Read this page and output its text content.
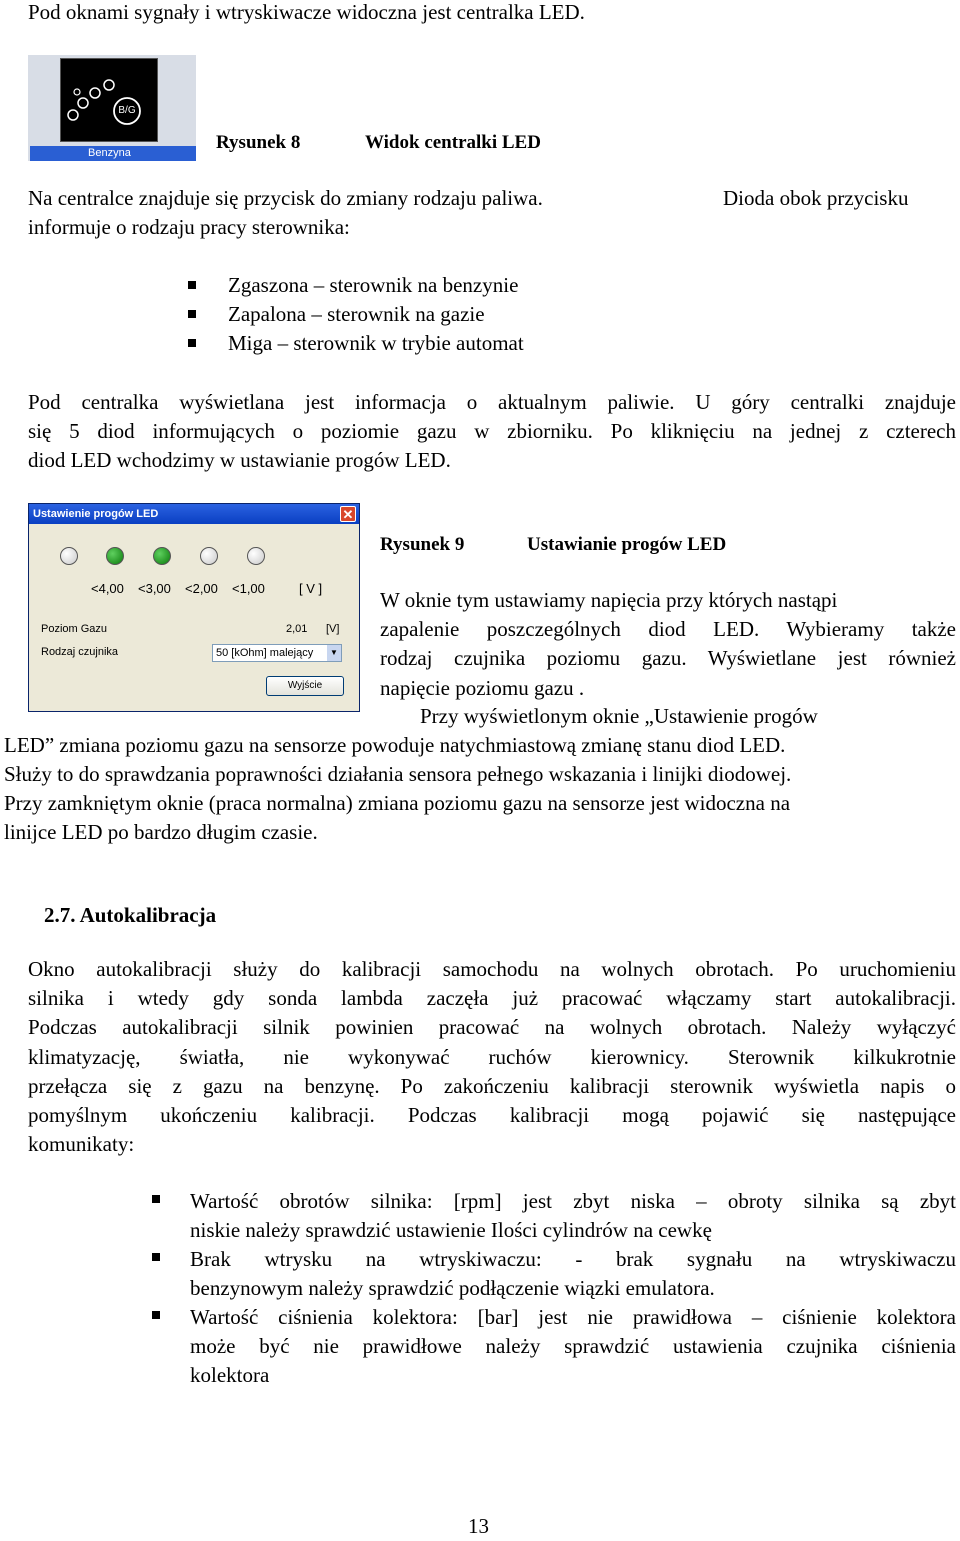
Pod oknami sygnały i wtryskiwacze widoczna jest centralka LED.

B/G
Benzyna	Rysunek 8	Widok centralki LED

Na centralce znajduje się przycisk do zmiany rodzaju paliwa.	Dioda obok przycisku

informuje o rodzaju pracy sterownika:

Zgaszona – sterownik na benzynie

Zapalona – sterownik na gazie

Miga – sterownik w trybie automat

Pod centralka wyświetlana jest informacja o aktualnym paliwie. U góry centralki znajduje
się 5 diod informujących o poziomie gazu w zbiorniku. Po kliknięciu na jednej z czterech
diod LED wchodzimy w ustawianie progów LED.
Ustawienie progów LED	✕
<4,00 <3,00 <2,00 <1,00	[ V ]
Poziom Gazu	2,01 [V]
Rodzaj czujnika	50 [kOhm] malejący	▼
Wyjście

Rysunek 9	Ustawianie progów LED

W oknie tym ustawiamy napięcia przy których nastąpi
zapalenie poszczególnych diod LED. Wybieramy także
rodzaj czujnika poziomu gazu. Wyświetlane jest również
napięcie poziomu gazu .

Przy wyświetlonym oknie „Ustawienie progów

LED” zmiana poziomu gazu na sensorze powoduje natychmiastową zmianę stanu diod LED.

Służy to do sprawdzania poprawności działania sensora pełnego wskazania i linijki diodowej.

Przy zamkniętym oknie (praca normalna) zmiana poziomu gazu na sensorze jest widoczna na

linijce LED po bardzo długim czasie.

2.7. Autokalibracja

Okno autokalibracji służy do kalibracji samochodu na wolnych obrotach. Po uruchomieniu
silnika i wtedy gdy sonda lambda zaczęła już pracować włączamy start autokalibracji.
Podczas autokalibracji silnik powinien pracować na wolnych obrotach. Należy wyłączyć
klimatyzację, światła, nie wykonywać ruchów kierownicy. Sterownik kilkukrotnie
przełącza się z gazu na benzynę. Po zakończeniu kalibracji sterownik wyświetla napis o
pomyślnym ukończeniu kalibracji. Podczas kalibracji mogą pojawić się następujące
komunikaty:
Wartość obrotów silnika: [rpm] jest zbyt niska – obroty silnika są zbyt
niskie należy sprawdzić ustawienie Ilości cylindrów na cewkę
Brak wtrysku na wtryskiwaczu: - brak sygnału na wtryskiwaczu
benzynowym należy sprawdzić podłączenie wiązki emulatora.
Wartość ciśnienia kolektora: [bar] jest nie prawidłowa – ciśnienie kolektora
może być nie prawidłowe należy sprawdzić ustawienia czujnika ciśnienia
kolektora

13
